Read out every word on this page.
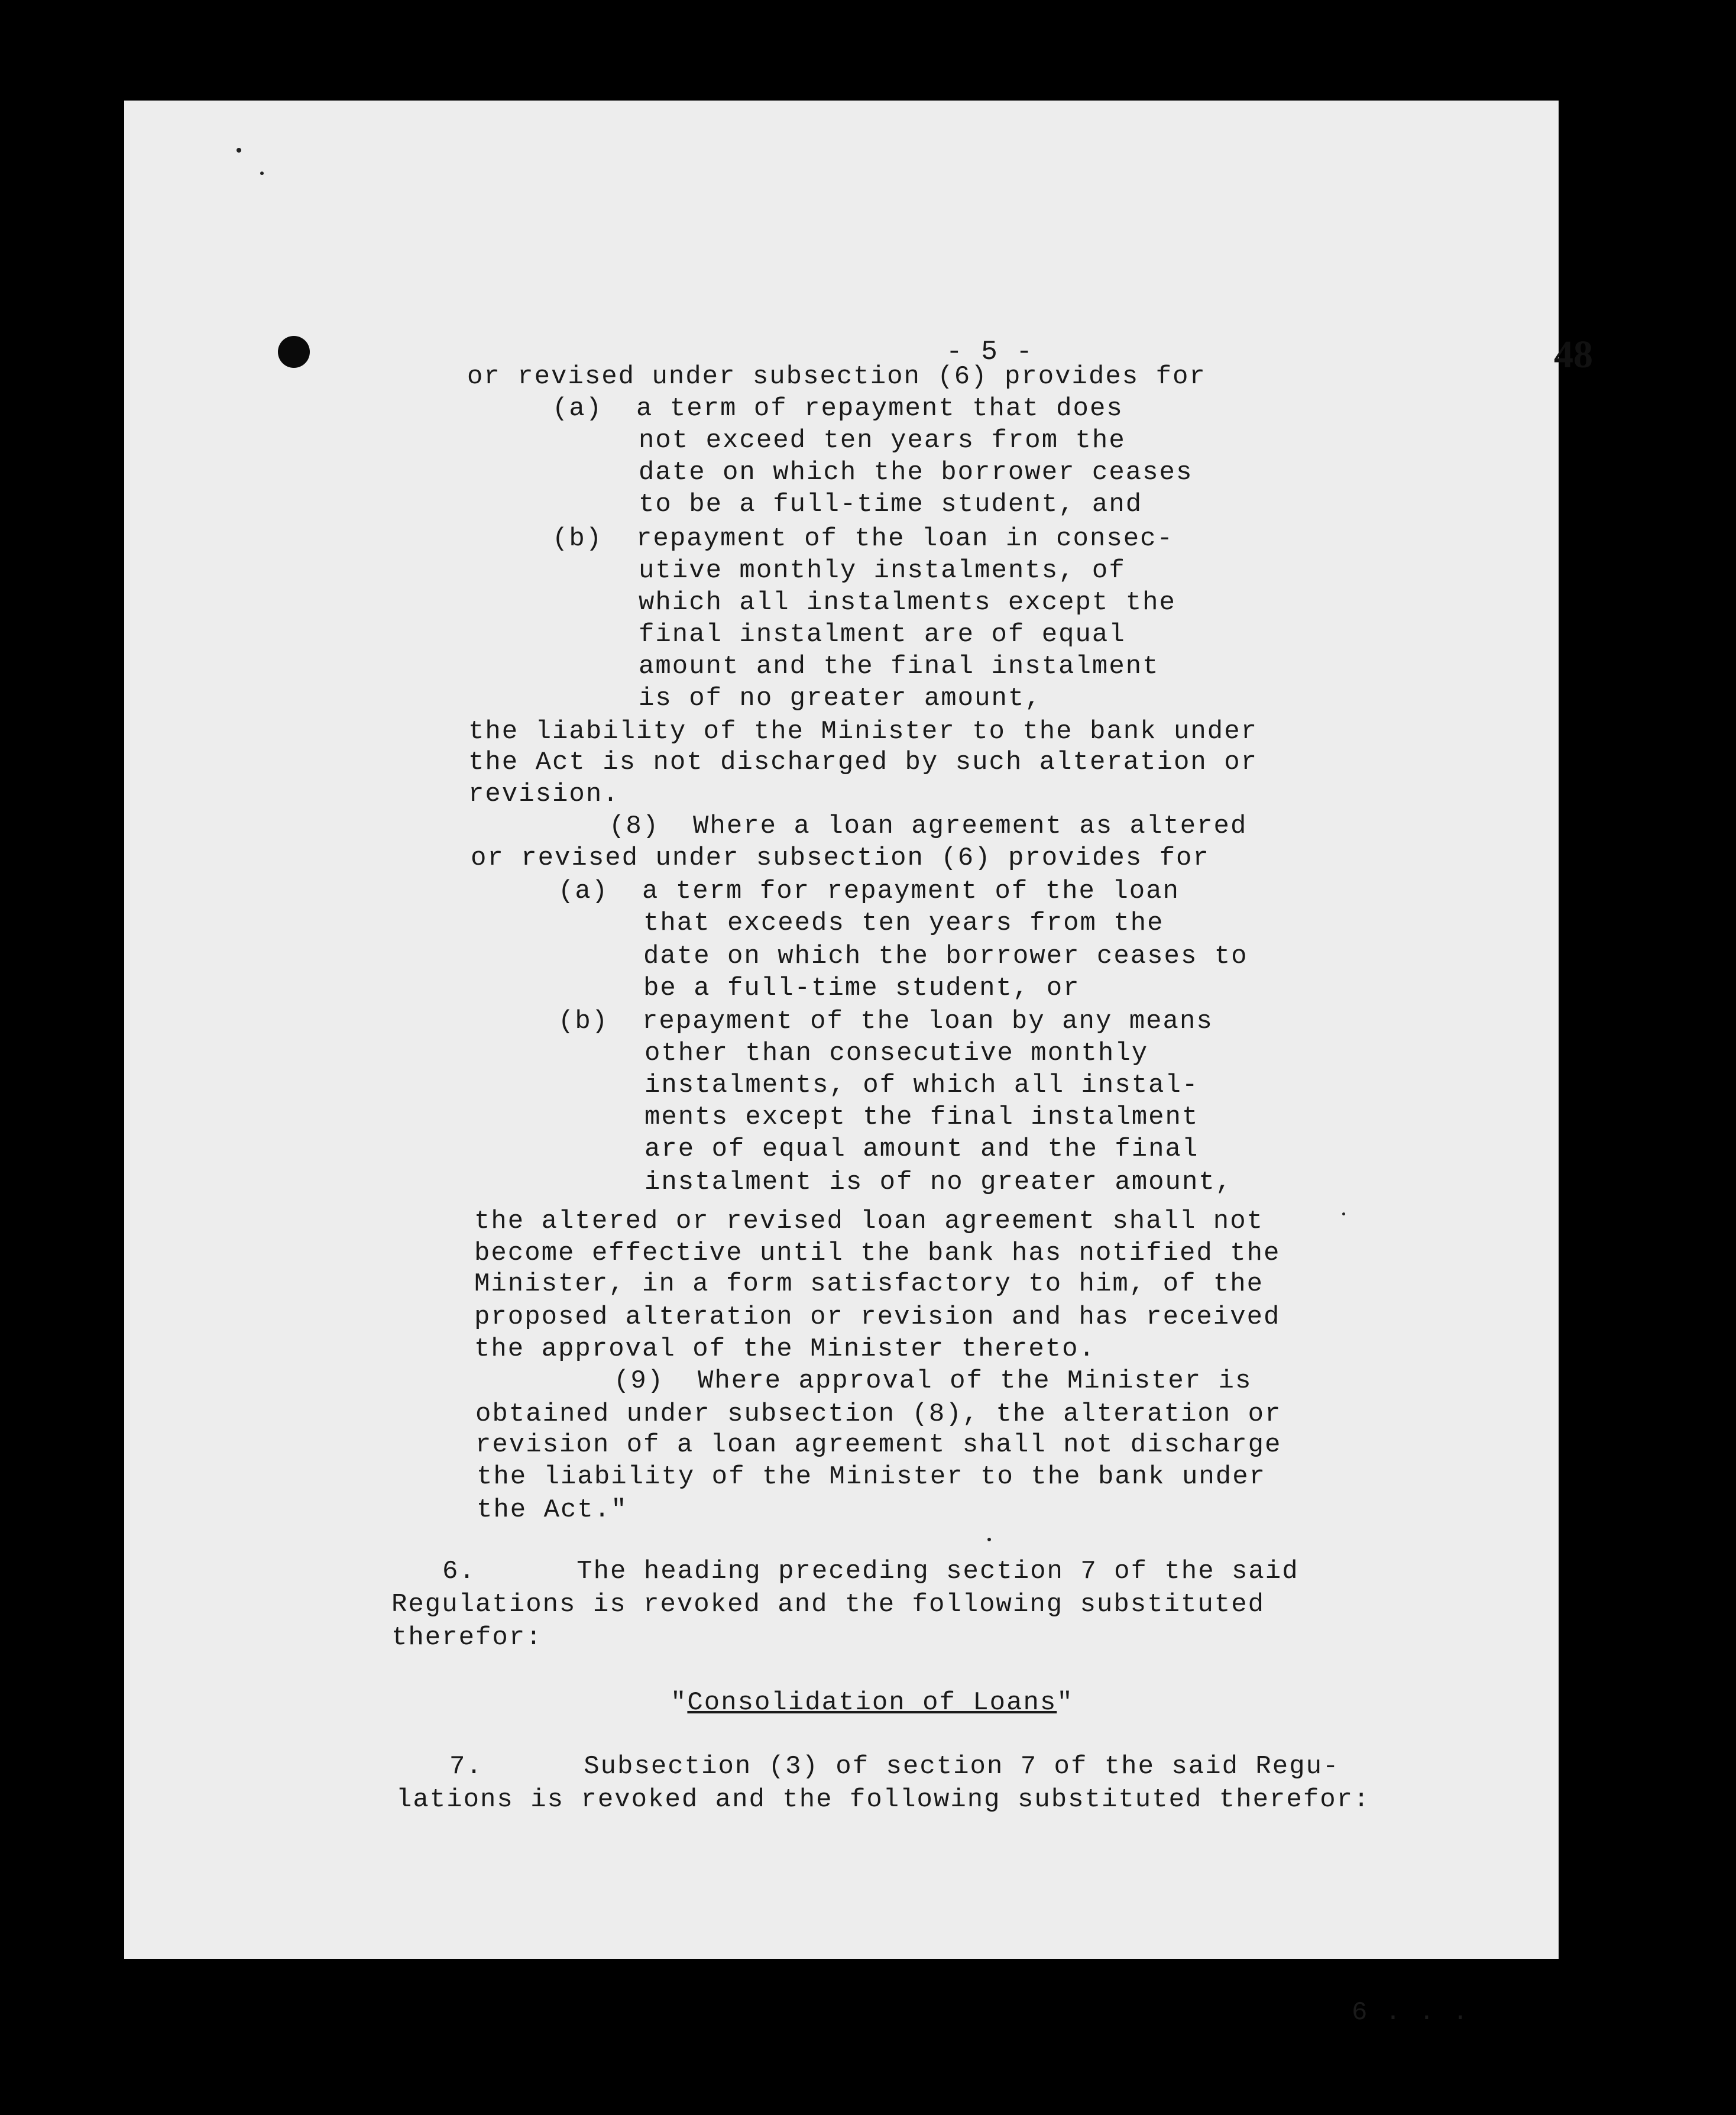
- 5 -	48
6 . . .

or revised under subsection (6) provides for

(a)  a term of repayment that does

not exceed ten years from the

date on which the borrower ceases

to be a full-time student, and

(b)  repayment of the loan in consec-

utive monthly instalments, of

which all instalments except the

final instalment are of equal

amount and the final instalment

is of no greater amount,

the liability of the Minister to the bank under

the Act is not discharged by such alteration or

revision.

(8)  Where a loan agreement as altered

or revised under subsection (6) provides for

(a)  a term for repayment of the loan

that exceeds ten years from the

date on which the borrower ceases to

be a full-time student, or

(b)  repayment of the loan by any means

other than consecutive monthly

instalments, of which all instal-

ments except the final instalment

are of equal amount and the final

instalment is of no greater amount,

the altered or revised loan agreement shall not

become effective until the bank has notified the

Minister, in a form satisfactory to him, of the

proposed alteration or revision and has received

the approval of the Minister thereto.

(9)  Where approval of the Minister is

obtained under subsection (8), the alteration or

revision of a loan agreement shall not discharge

the liability of the Minister to the bank under

the Act."

6.      The heading preceding section 7 of the said

Regulations is revoked and the following substituted

therefor:

"Consolidation of Loans"

7.      Subsection (3) of section 7 of the said Regu-

lations is revoked and the following substituted therefor:
